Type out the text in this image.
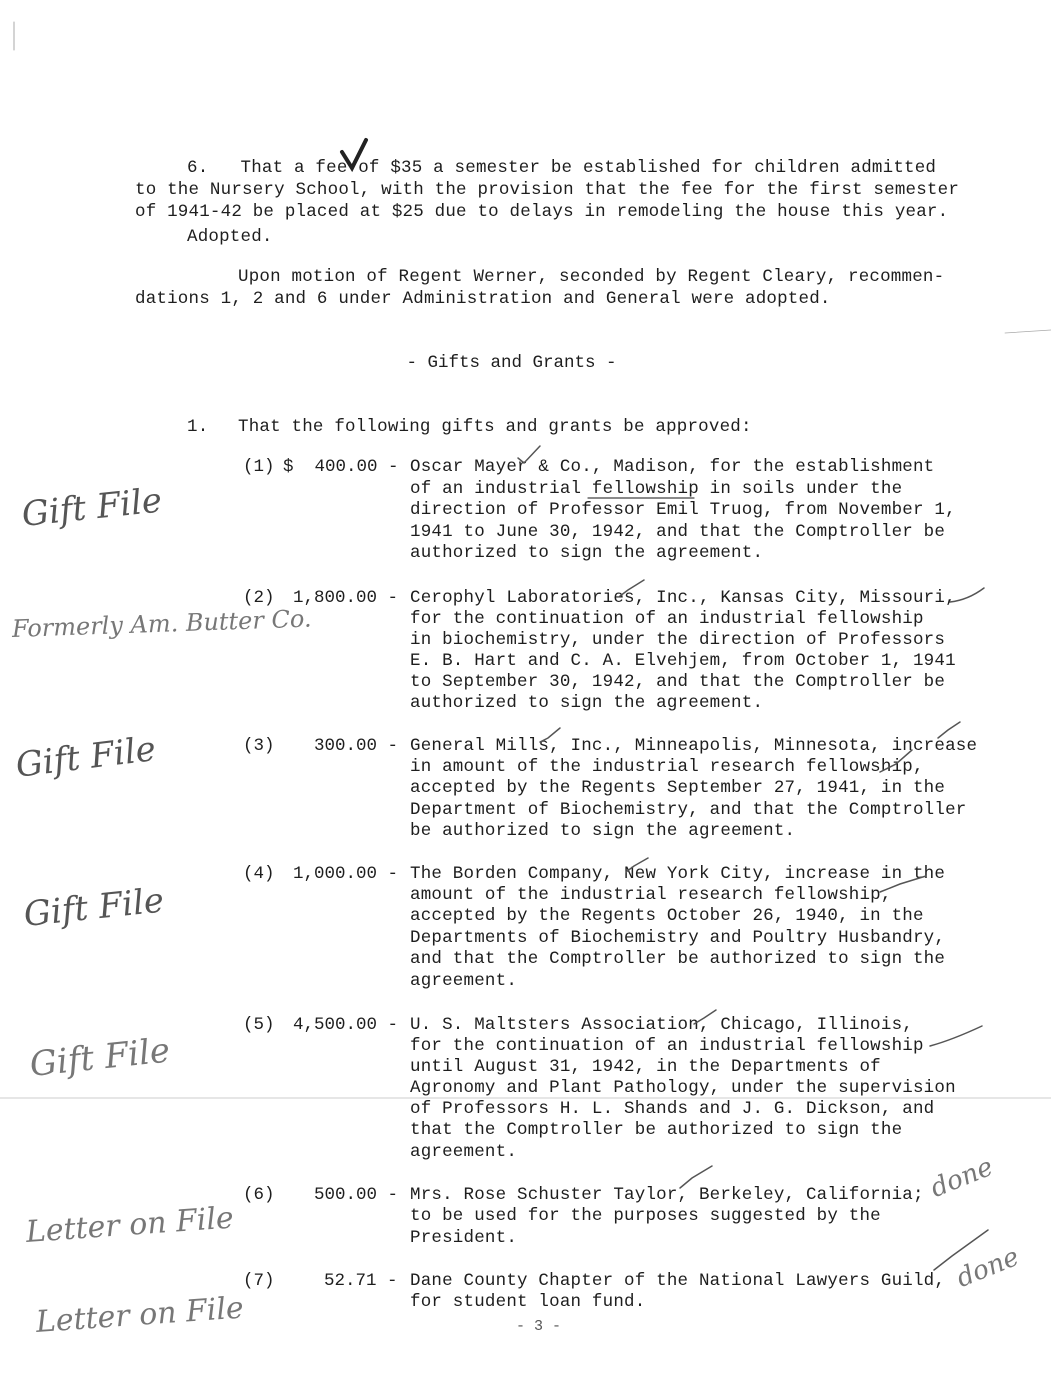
6.   That a fee of $35 a semester be established for children admitted
to the Nursery School, with the provision that the fee for the first semester
of 1941-42 be placed at $25 due to delays in remodeling the house this year.
Adopted.
Upon motion of Regent Werner, seconded by Regent Cleary, recommen-
dations 1, 2 and 6 under Administration and General were adopted.
- Gifts and Grants -
1. That the following gifts and grants be approved:
(1) $  400.00 - Oscar Mayer & Co., Madison, for the establishment
of an industrial fellowship in soils under the
direction of Professor Emil Truog, from November 1,
1941 to June 30, 1942, and that the Comptroller be
authorized to sign the agreement.
(2) 1,800.00 - Cerophyl Laboratories, Inc., Kansas City, Missouri,
for the continuation of an industrial fellowship
in biochemistry, under the direction of Professors
E. B. Hart and C. A. Elvehjem, from October 1, 1941
to September 30, 1942, and that the Comptroller be
authorized to sign the agreement.
(3) 300.00 - General Mills, Inc., Minneapolis, Minnesota, increase
in amount of the industrial research fellowship,
accepted by the Regents September 27, 1941, in the
Department of Biochemistry, and that the Comptroller
be authorized to sign the agreement.
(4) 1,000.00 - The Borden Company, New York City, increase in the
amount of the industrial research fellowship,
accepted by the Regents October 26, 1940, in the
Departments of Biochemistry and Poultry Husbandry,
and that the Comptroller be authorized to sign the
agreement.
(5) 4,500.00 - U. S. Maltsters Association, Chicago, Illinois,
for the continuation of an industrial fellowship
until August 31, 1942, in the Departments of
Agronomy and Plant Pathology, under the supervision
of Professors H. L. Shands and J. G. Dickson, and
that the Comptroller be authorized to sign the
agreement.
(6) 500.00 - Mrs. Rose Schuster Taylor, Berkeley, California;
to be used for the purposes suggested by the
President.
(7)	52.71 - Dane County Chapter of the National Lawyers Guild,
for student loan fund.
Gift File
Formerly Am. Butter Co.
Gift File
Gift File
Gift File
Letter on File
done
Letter on File
done
- 3 -
